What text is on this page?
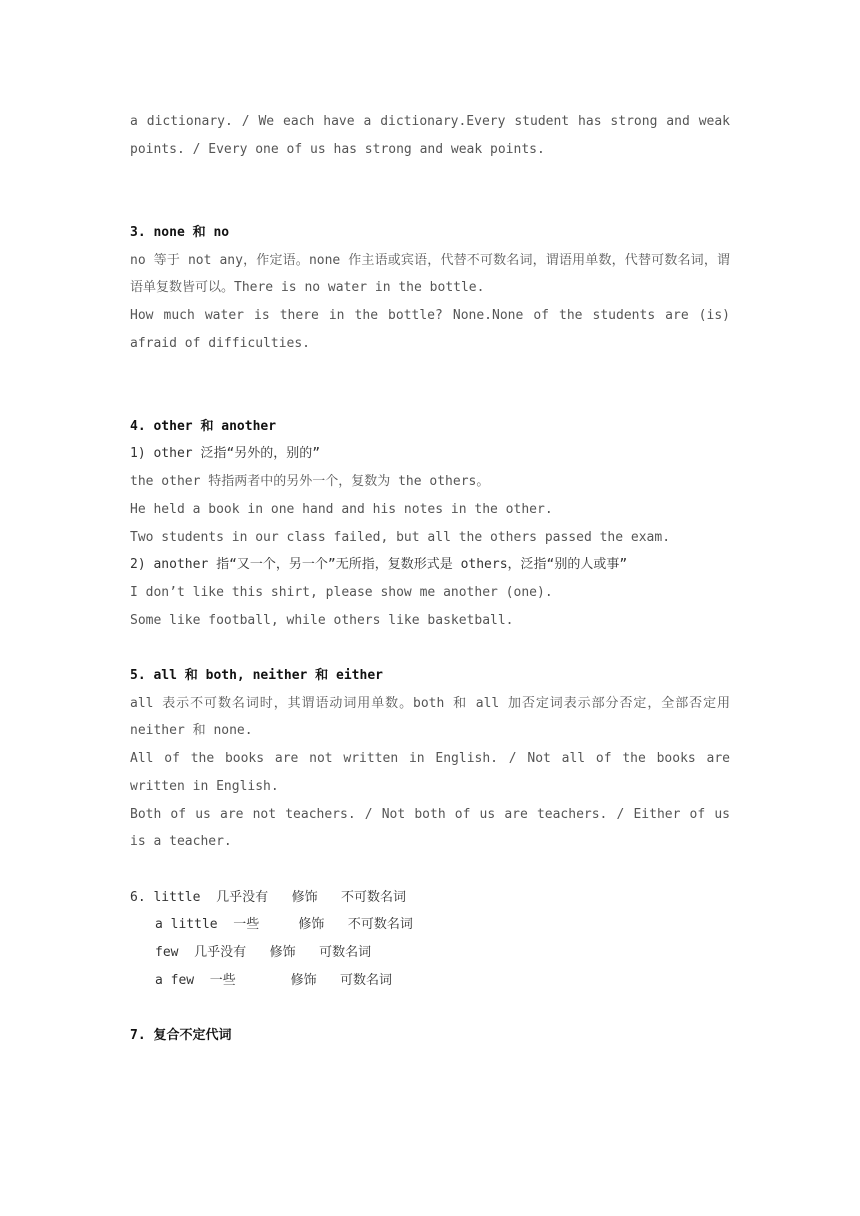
a dictionary. / We each have a dictionary.Every student has strong and weak points. / Every one of us has strong and weak points.

3. none 和 no

no 等于 not any，作定语。none 作主语或宾语，代替不可数名词，谓语用单数，代替可数名词，谓语单复数皆可以。There is no water in the bottle.

How much water is there in the bottle? None.None of the students are (is) afraid of difficulties.

4. other 和 another

1) other 泛指“另外的，别的”

the other 特指两者中的另外一个，复数为 the others。

He held a book in one hand and his notes in the other.

Two students in our class failed, but all the others passed the exam.

2) another 指“又一个，另一个”无所指，复数形式是 others，泛指“别的人或事”

I don’t like this shirt, please show me another (one).

Some like football, while others like basketball.

5. all 和 both, neither 和 either

all 表示不可数名词时，其谓语动词用单数。both 和 all 加否定词表示部分否定，全部否定用 neither 和 none.

All of the books are not written in English. / Not all of the books are written in English.

Both of us are not teachers. / Not both of us are teachers. / Either of us is a teacher.

6. little  几乎没有   修饰   不可数名词

a little  一些     修饰   不可数名词

few  几乎没有   修饰   可数名词

a few  一些       修饰   可数名词

7. 复合不定代词
